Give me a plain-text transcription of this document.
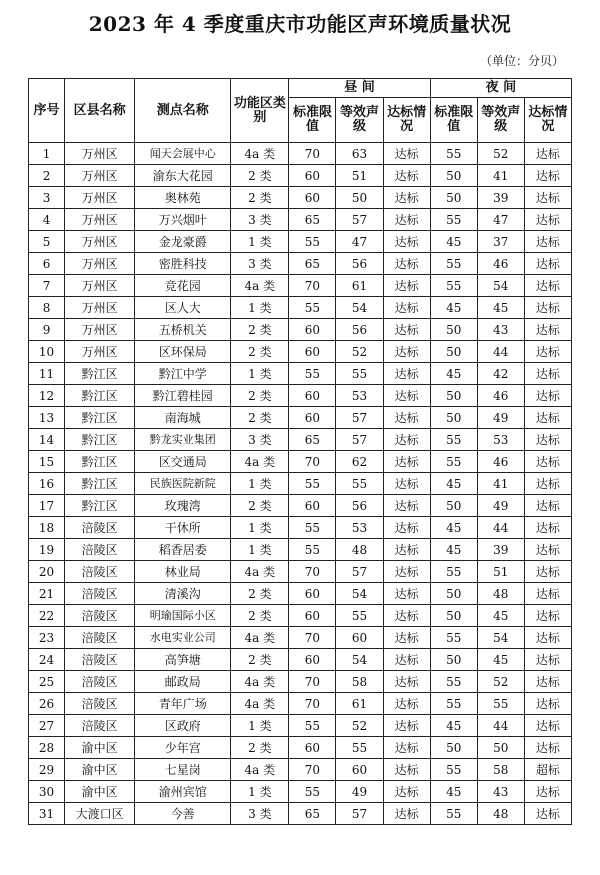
2023 年 4 季度重庆市功能区声环境质量状况
（单位：分贝）
序号	区县名称	测点名称	功能区类别	昼 间			夜 间		
				标准限值	等效声级	达标情况	标准限值	等效声级	达标情况
1	万州区	闻天会展中心	4a 类	70	63	达标	55	52	达标
2	万州区	渝东大花园	2 类	60	51	达标	50	41	达标
3	万州区	奥林苑	2 类	60	50	达标	50	39	达标
4	万州区	万兴烟叶	3 类	65	57	达标	55	47	达标
5	万州区	金龙豪爵	1 类	55	47	达标	45	37	达标
6	万州区	密胜科技	3 类	65	56	达标	55	46	达标
7	万州区	竞花园	4a 类	70	61	达标	55	54	达标
8	万州区	区人大	1 类	55	54	达标	45	45	达标
9	万州区	五桥机关	2 类	60	56	达标	50	43	达标
10	万州区	区环保局	2 类	60	52	达标	50	44	达标
11	黔江区	黔江中学	1 类	55	55	达标	45	42	达标
12	黔江区	黔江碧桂园	2 类	60	53	达标	50	46	达标
13	黔江区	南海城	2 类	60	57	达标	50	49	达标
14	黔江区	黔龙实业集团	3 类	65	57	达标	55	53	达标
15	黔江区	区交通局	4a 类	70	62	达标	55	46	达标
16	黔江区	民族医院新院	1 类	55	55	达标	45	41	达标
17	黔江区	玫瑰湾	2 类	60	56	达标	50	49	达标
18	涪陵区	干休所	1 类	55	53	达标	45	44	达标
19	涪陵区	稻香居委	1 类	55	48	达标	45	39	达标
20	涪陵区	林业局	4a 类	70	57	达标	55	51	达标
21	涪陵区	清溪沟	2 类	60	54	达标	50	48	达标
22	涪陵区	明瑜国际小区	2 类	60	55	达标	50	45	达标
23	涪陵区	水电实业公司	4a 类	70	60	达标	55	54	达标
24	涪陵区	高笋塘	2 类	60	54	达标	50	45	达标
25	涪陵区	邮政局	4a 类	70	58	达标	55	52	达标
26	涪陵区	青年广场	4a 类	70	61	达标	55	55	达标
27	涪陵区	区政府	1 类	55	52	达标	45	44	达标
28	渝中区	少年宫	2 类	60	55	达标	50	50	达标
29	渝中区	七星岗	4a 类	70	60	达标	55	58	超标
30	渝中区	渝州宾馆	1 类	55	49	达标	45	43	达标
31	大渡口区	今善	3 类	65	57	达标	55	48	达标
